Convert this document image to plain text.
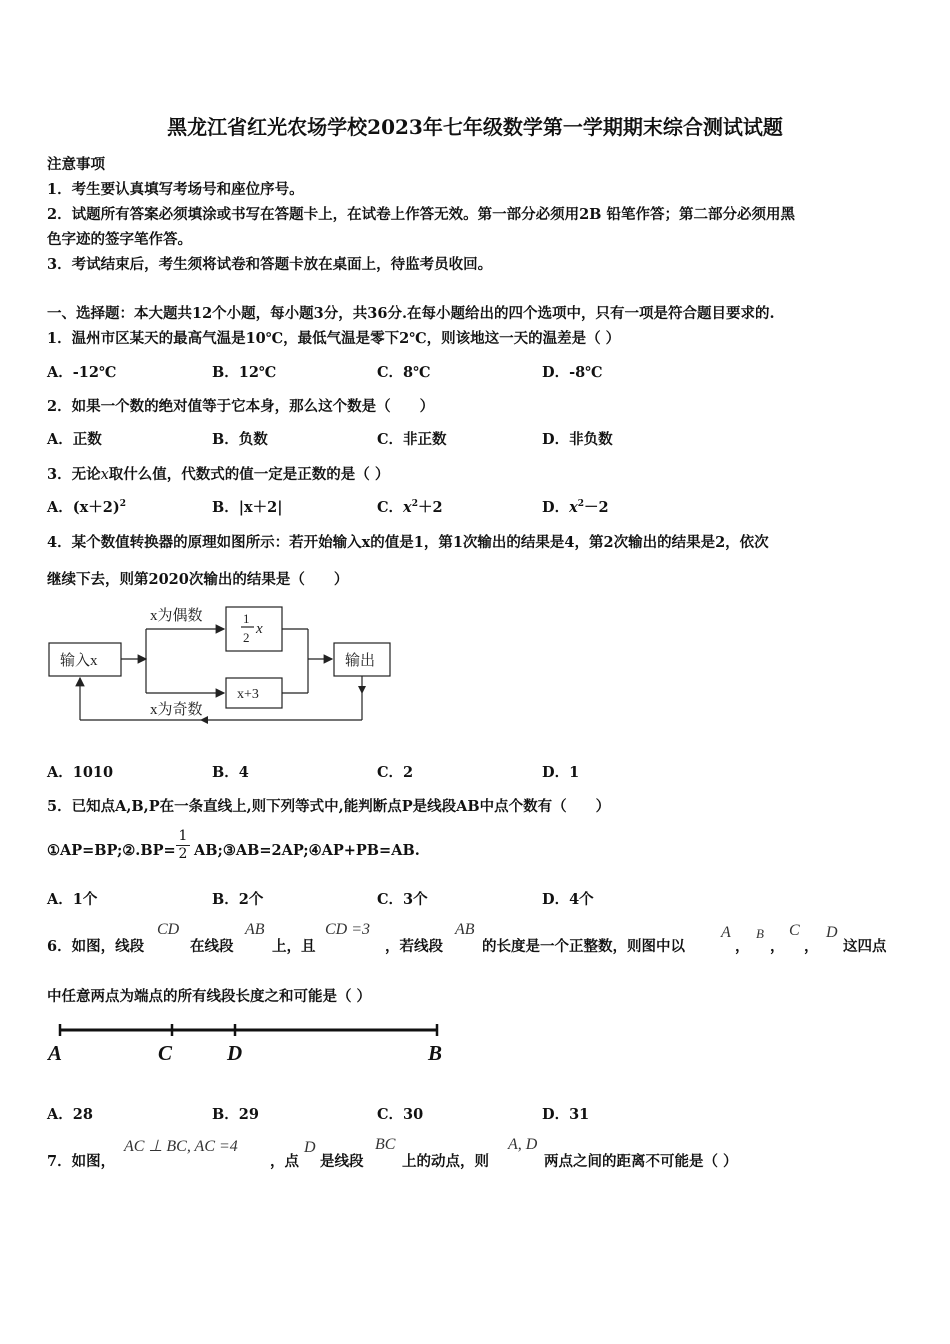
黑龙江省红光农场学校2023年七年级数学第一学期期末综合测试试题
注意事项
1．考生要认真填写考场号和座位序号。
2．试题所有答案必须填涂或书写在答题卡上，在试卷上作答无效。第一部分必须用2B 铅笔作答；第二部分必须用黑
色字迹的签字笔作答。
3．考试结束后，考生须将试卷和答题卡放在桌面上，待监考员收回。
一、选择题：本大题共12个小题，每小题3分，共36分.在每小题给出的四个选项中，只有一项是符合题目要求的.
1．温州市区某天的最高气温是10℃，最低气温是零下2℃，则该地这一天的温差是（ ）
A．-12℃	B．12℃	C．8℃	D．-8℃
2．如果一个数的绝对值等于它本身，那么这个数是（　　）
A．正数	B．负数	C．非正数	D．非负数
3．无论x取什么值，代数式的值一定是正数的是（ ）
A．$(x+2)^2$	B．|x＋2|	C．$x^2+2$	D．$x^2-2$
4．某个数值转换器的原理如图所示：若开始输入x的值是1，第1次输出的结果是4，第2次输出的结果是2，依次
继续下去，则第2020次输出的结果是（　　）
输入x
x为偶数
x为奇数
1
2
x
x+3
输出
A．1010	B．4	C．2	D．1
5．已知点A,B,P在一条直线上,则下列等式中,能判断点P是线段AB中点个数有（　　）
①AP=BP;②.BP=
1
2 AB;③AB=2AP;④AP+PB=AB.
A．1个	B．2个	C．3个	D．4个
6．如图，线段
CD
在线段
AB
上，且
CD =3
，若线段
AB
的长度是一个正整数，则图中以
A
，
B
，
C
，
D
这四点
中任意两点为端点的所有线段长度之和可能是（ ）
A	C	D	B
A．28	B．29	C．30	D．31
7．如图，
AC ⊥ BC, AC =4
，点
D
是线段
BC
上的动点，则
A, D
两点之间的距离不可能是（ ）
